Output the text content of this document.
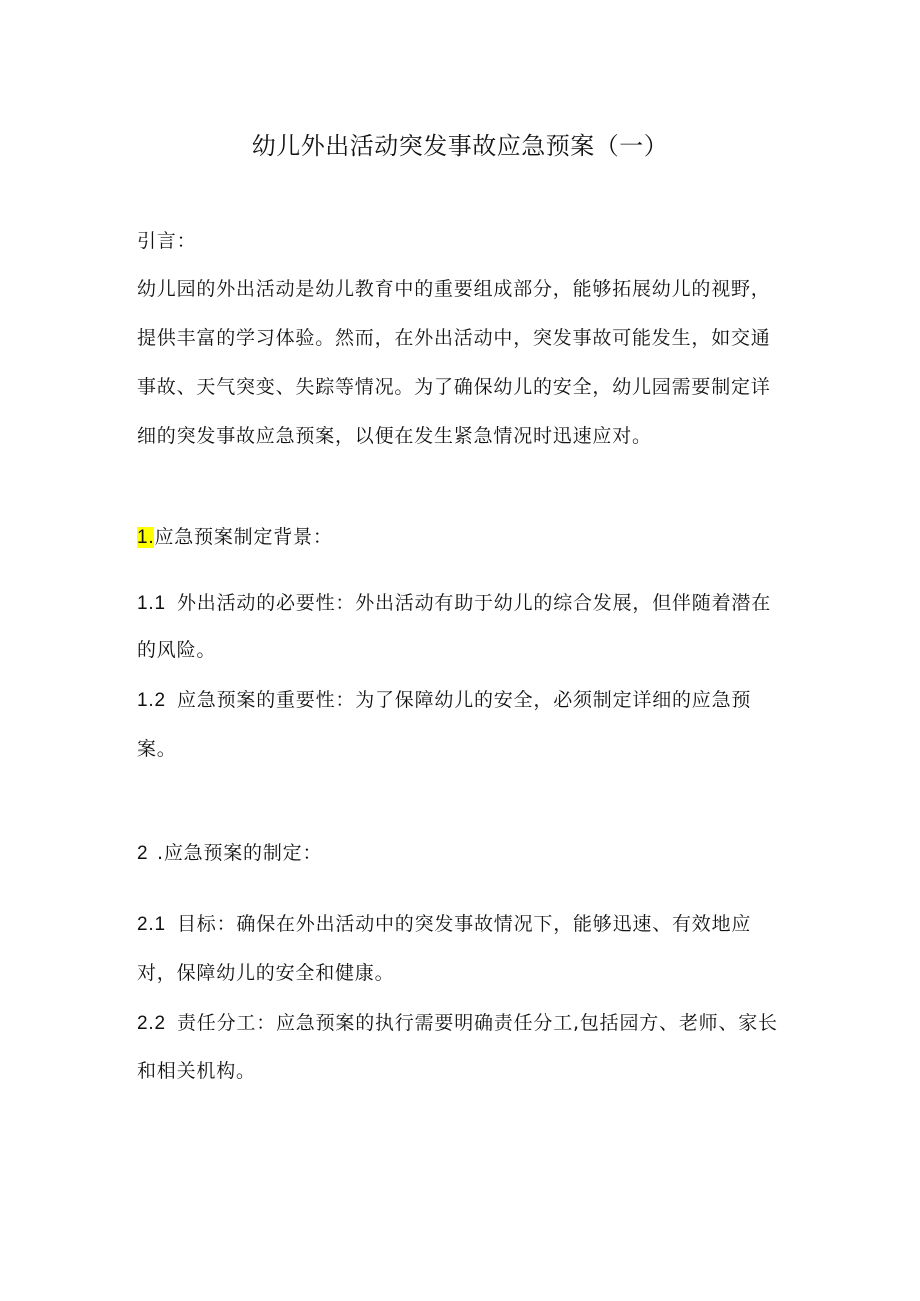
幼儿外出活动突发事故应急预案（一）
引言：
幼儿园的外出活动是幼儿教育中的重要组成部分，能够拓展幼儿的视野，
提供丰富的学习体验。然而，在外出活动中，突发事故可能发生，如交通
事故、天气突变、失踪等情况。为了确保幼儿的安全，幼儿园需要制定详
细的突发事故应急预案，以便在发生紧急情况时迅速应对。
1.应急预案制定背景：
1.1 外出活动的必要性：外出活动有助于幼儿的综合发展，但伴随着潜在
的风险。
1.2 应急预案的重要性：为了保障幼儿的安全，必须制定详细的应急预
案。
2 .应急预案的制定：
2.1 目标：确保在外出活动中的突发事故情况下，能够迅速、有效地应
对，保障幼儿的安全和健康。
2.2 责任分工：应急预案的执行需要明确责任分工,包括园方、老师、家长
和相关机构。
